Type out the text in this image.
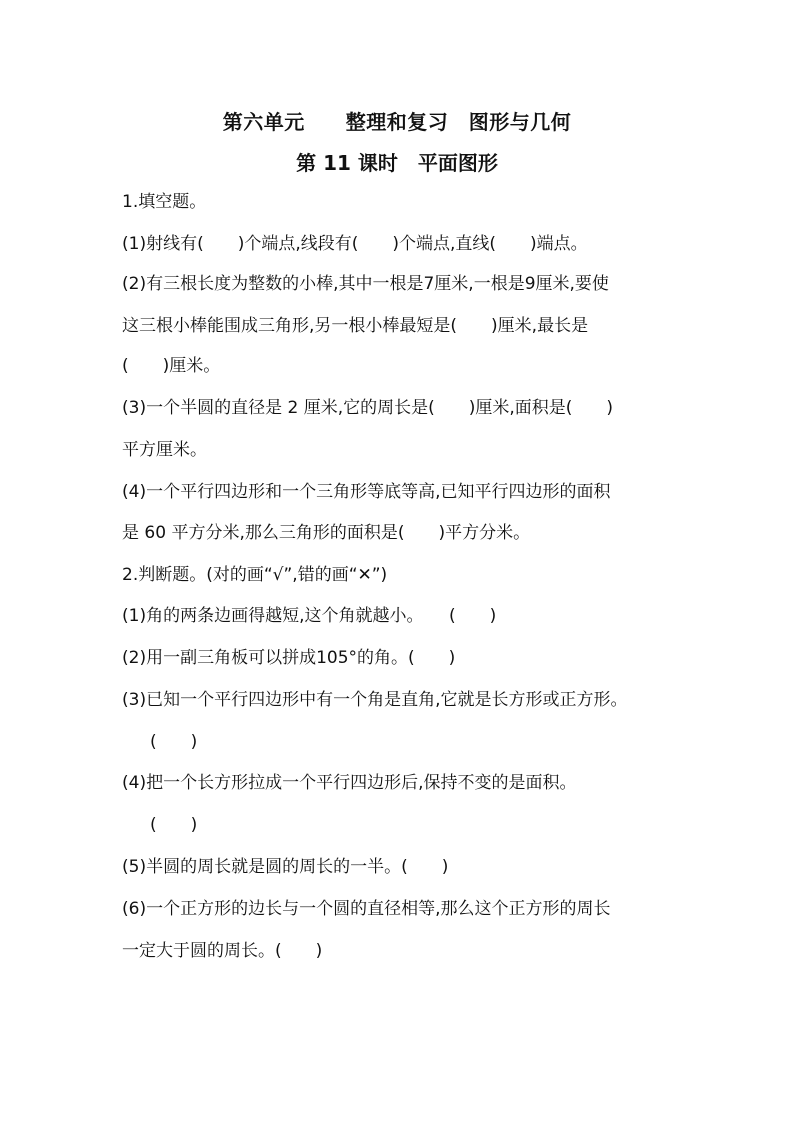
第六单元　　整理和复习　图形与几何
第 11 课时　平面图形
1.填空题。
(1)射线有(　　)个端点,线段有(　　)个端点,直线(　　)端点。
(2)有三根长度为整数的小棒,其中一根是7厘米,一根是9厘米,要使
这三根小棒能围成三角形,另一根小棒最短是(　　)厘米,最长是
(　　)厘米。
(3)一个半圆的直径是 2 厘米,它的周长是(　　)厘米,面积是(　　)
平方厘米。
(4)一个平行四边形和一个三角形等底等高,已知平行四边形的面积
是 60 平方分米,那么三角形的面积是(　　)平方分米。
2.判断题。(对的画“√”,错的画“✕”)
(1)角的两条边画得越短,这个角就越小。　　(　　)
(2)用一副三角板可以拼成105°的角。(　　)
(3)已知一个平行四边形中有一个角是直角,它就是长方形或正方形。
(　　)
(4)把一个长方形拉成一个平行四边形后,保持不变的是面积。
(　　)
(5)半圆的周长就是圆的周长的一半。(　　)
(6)一个正方形的边长与一个圆的直径相等,那么这个正方形的周长
一定大于圆的周长。(　　)
